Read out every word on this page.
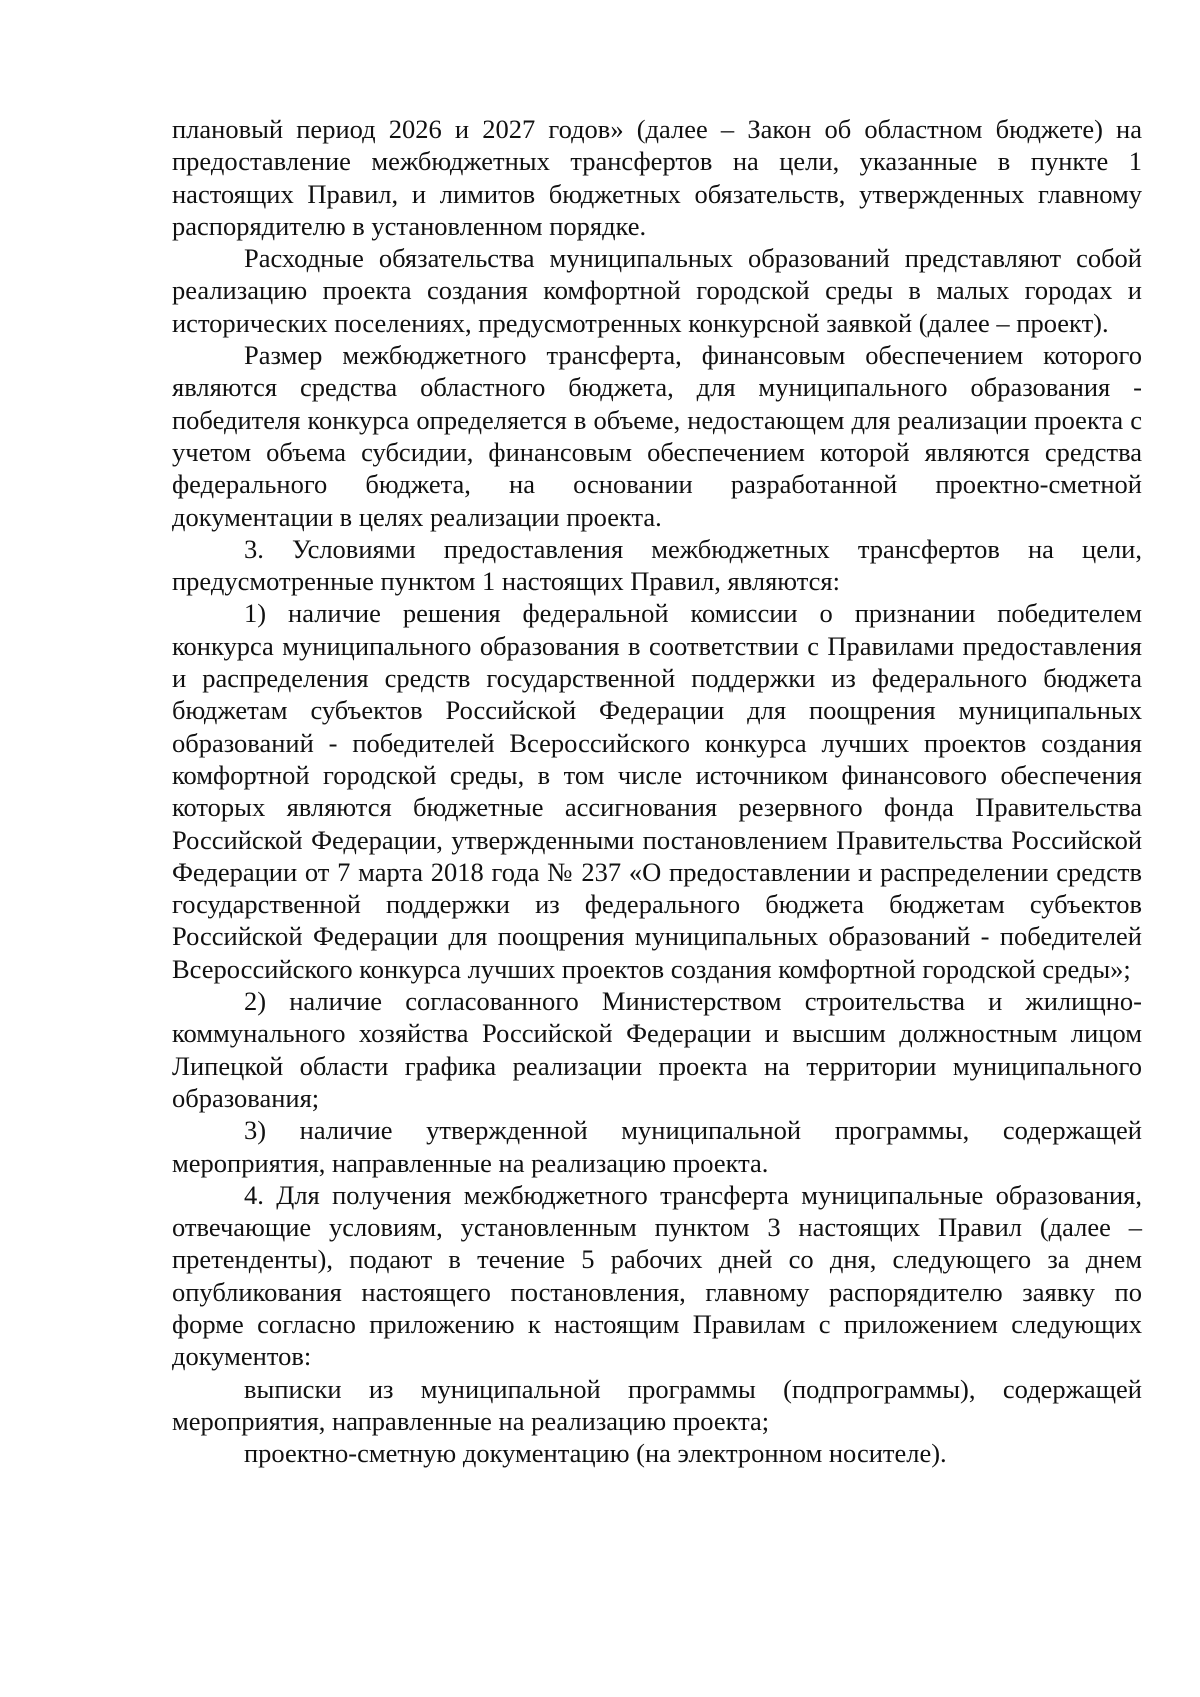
плановый период 2026 и 2027 годов» (далее – Закон об областном бюджете) на предоставление межбюджетных трансфертов на цели, указанные в пункте 1 настоящих Правил, и лимитов бюджетных обязательств, утвержденных главному распорядителю в установленном порядке.

Расходные обязательства муниципальных образований представляют собой реализацию проекта создания комфортной городской среды в малых городах и исторических поселениях, предусмотренных конкурсной заявкой (далее – проект).

Размер межбюджетного трансферта, финансовым обеспечением которого являются средства областного бюджета, для муниципального образования - победителя конкурса определяется в объеме, недостающем для реализации проекта с учетом объема субсидии, финансовым обеспечением которой являются средства федерального бюджета, на основании разработанной проектно-сметной документации в целях реализации проекта.

3. Условиями предоставления межбюджетных трансфертов на цели, предусмотренные пунктом 1 настоящих Правил, являются:

1) наличие решения федеральной комиссии о признании победителем конкурса муниципального образования в соответствии с Правилами предоставления и распределения средств государственной поддержки из федерального бюджета бюджетам субъектов Российской Федерации для поощрения муниципальных образований - победителей Всероссийского конкурса лучших проектов создания комфортной городской среды, в том числе источником финансового обеспечения которых являются бюджетные ассигнования резервного фонда Правительства Российской Федерации, утвержденными постановлением Правительства Российской Федерации от 7 марта 2018 года № 237 «О предоставлении и распределении средств государственной поддержки из федерального бюджета бюджетам субъектов Российской Федерации для поощрения муниципальных образований - победителей Всероссийского конкурса лучших проектов создания комфортной городской среды»;

2) наличие согласованного Министерством строительства и жилищно-коммунального хозяйства Российской Федерации и высшим должностным лицом Липецкой области графика реализации проекта на территории муниципального образования;

3) наличие утвержденной муниципальной программы, содержащей мероприятия, направленные на реализацию проекта.

4. Для получения межбюджетного трансферта муниципальные образования, отвечающие условиям, установленным пунктом 3 настоящих Правил (далее – претенденты), подают в течение 5 рабочих дней со дня, следующего за днем опубликования настоящего постановления, главному распорядителю заявку по форме согласно приложению к настоящим Правилам с приложением следующих документов:

выписки из муниципальной программы (подпрограммы), содержащей мероприятия, направленные на реализацию проекта;

проектно-сметную документацию (на электронном носителе).
